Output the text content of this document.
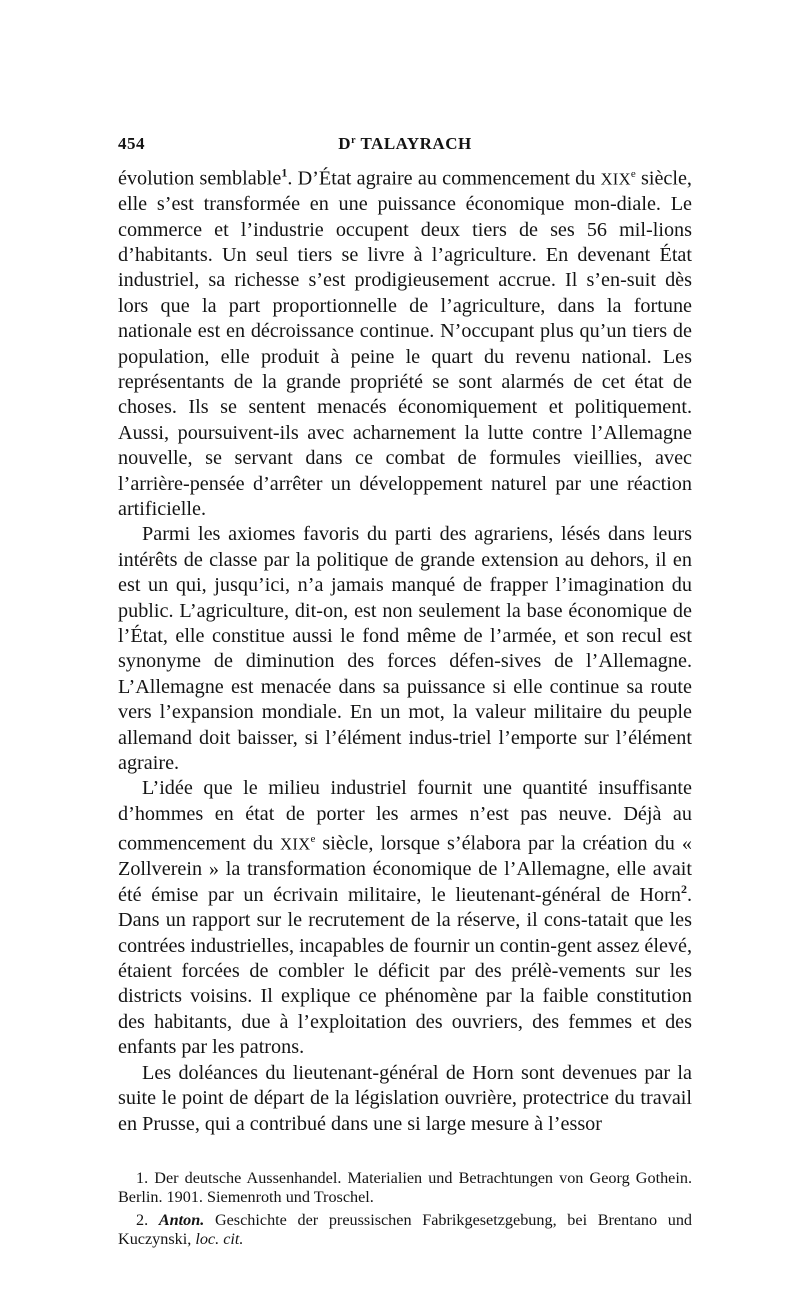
454	$D^r$ TALAYRACH

évolution semblable$^1$. D’État agraire au commencement du XIXe siècle, elle s’est transformée en une puissance économique mon-diale. Le commerce et l’industrie occupent deux tiers de ses 56 mil-lions d’habitants. Un seul tiers se livre à l’agriculture. En devenant État industriel, sa richesse s’est prodigieusement accrue. Il s’en-suit dès lors que la part proportionnelle de l’agriculture, dans la fortune nationale est en décroissance continue. N’occupant plus qu’un tiers de population, elle produit à peine le quart du revenu national. Les représentants de la grande propriété se sont alarmés de cet état de choses. Ils se sentent menacés économiquement et politiquement. Aussi, poursuivent-ils avec acharnement la lutte contre l’Allemagne nouvelle, se servant dans ce combat de formules vieillies, avec l’arrière-pensée d’arrêter un développement naturel par une réaction artificielle.

Parmi les axiomes favoris du parti des agrariens, lésés dans leurs intérêts de classe par la politique de grande extension au dehors, il en est un qui, jusqu’ici, n’a jamais manqué de frapper l’imagination du public. L’agriculture, dit-on, est non seulement la base économique de l’État, elle constitue aussi le fond même de l’armée, et son recul est synonyme de diminution des forces défen-sives de l’Allemagne. L’Allemagne est menacée dans sa puissance si elle continue sa route vers l’expansion mondiale. En un mot, la valeur militaire du peuple allemand doit baisser, si l’élément indus-triel l’emporte sur l’élément agraire.

L’idée que le milieu industriel fournit une quantité insuffisante d’hommes en état de porter les armes n’est pas neuve. Déjà au commencement du XIXe siècle, lorsque s’élabora par la création du « Zollverein » la transformation économique de l’Allemagne, elle avait été émise par un écrivain militaire, le lieutenant-général de Horn$^2$. Dans un rapport sur le recrutement de la réserve, il cons-tatait que les contrées industrielles, incapables de fournir un contin-gent assez élevé, étaient forcées de combler le déficit par des prélè-vements sur les districts voisins. Il explique ce phénomène par la faible constitution des habitants, due à l’exploitation des ouvriers, des femmes et des enfants par les patrons.

Les doléances du lieutenant-général de Horn sont devenues par la suite le point de départ de la législation ouvrière, protectrice du travail en Prusse, qui a contribué dans une si large mesure à l’essor

1. Der deutsche Aussenhandel. Materialien und Betrachtungen von Georg Gothein. Berlin. 1901. Siemenroth und Troschel.

2. Anton. Geschichte der preussischen Fabrikgesetzgebung, bei Brentano und Kuczynski, loc. cit.
